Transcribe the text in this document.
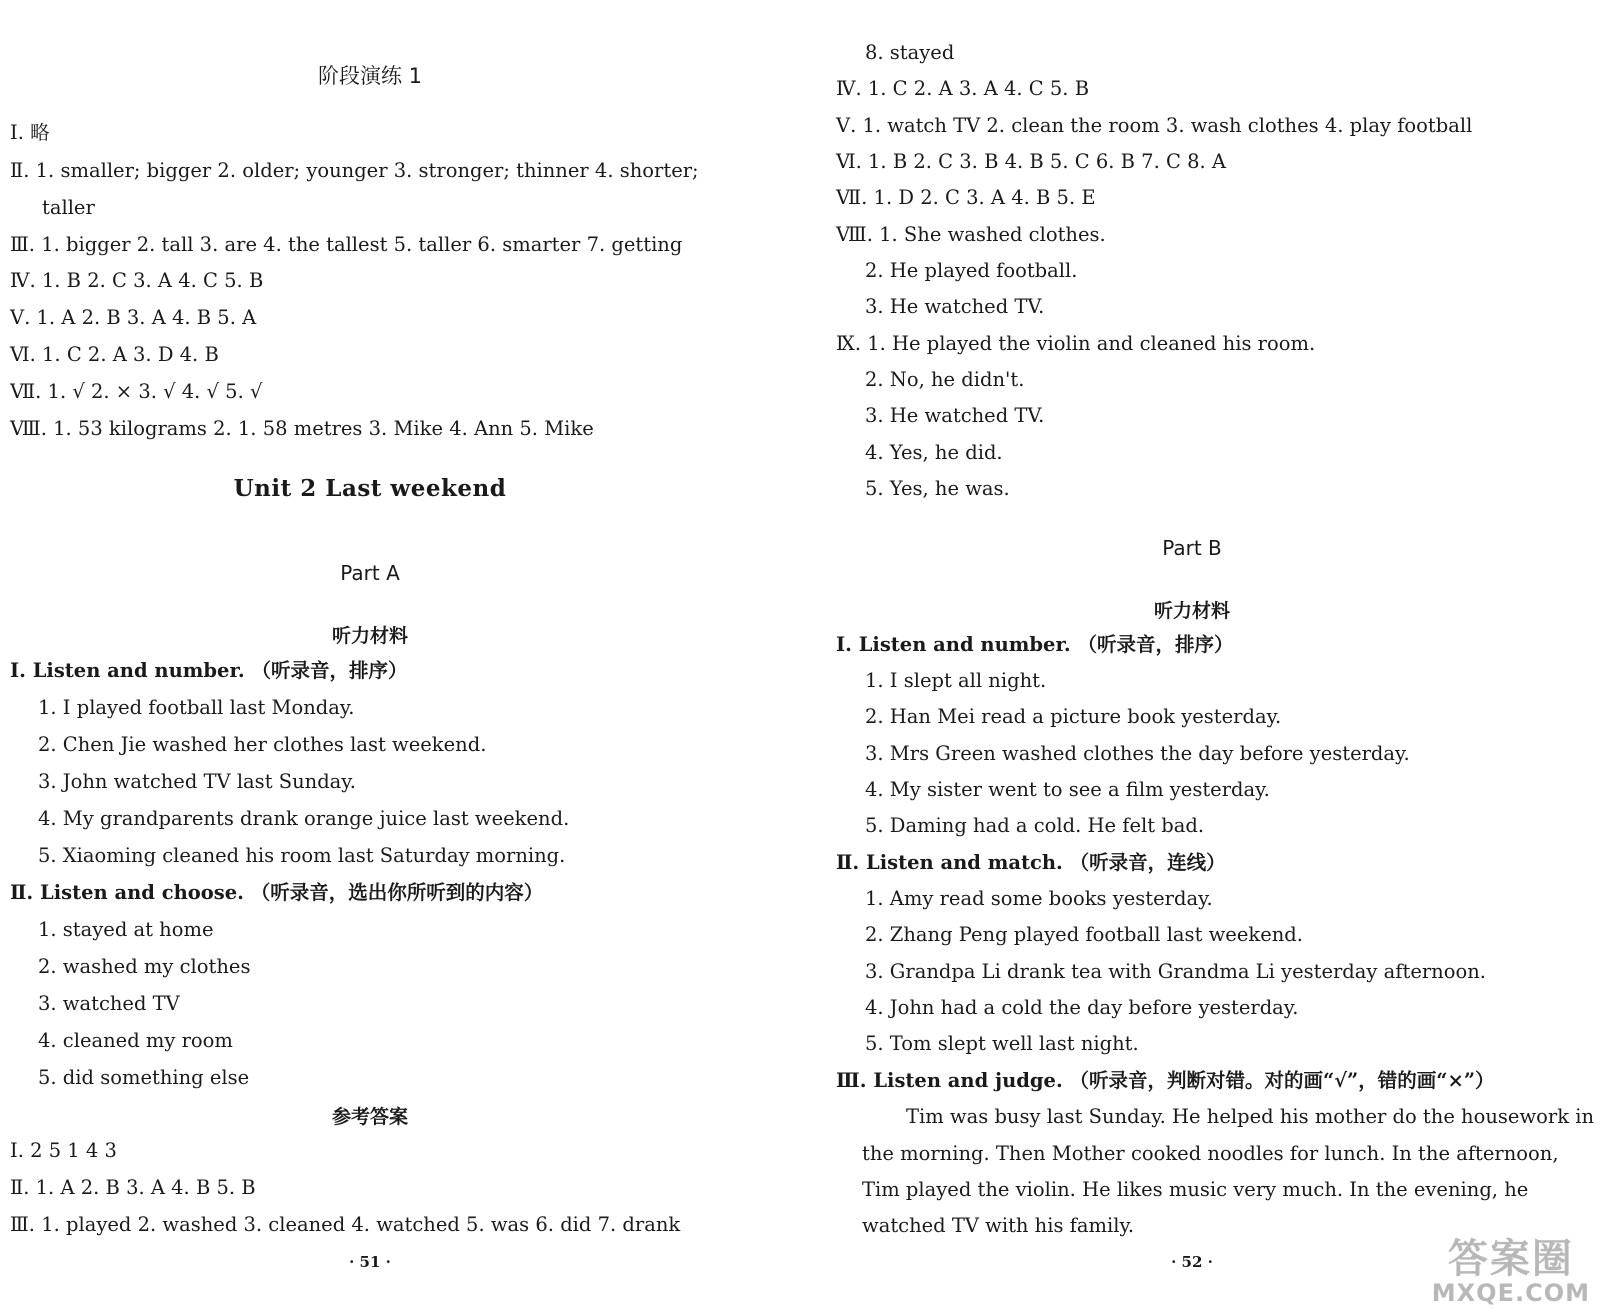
阶段演练 1
Ⅰ. 略
Ⅱ. 1. smaller; bigger 2. older; younger 3. stronger; thinner 4. shorter;
taller
Ⅲ. 1. bigger 2. tall 3. are 4. the tallest 5. taller 6. smarter 7. getting
Ⅳ. 1. B 2. C 3. A 4. C 5. B
Ⅴ. 1. A 2. B 3. A 4. B 5. A
Ⅵ. 1. C 2. A 3. D 4. B
Ⅶ. 1. √ 2. × 3. √ 4. √ 5. √
Ⅷ. 1. 53 kilograms 2. 1. 58 metres 3. Mike 4. Ann 5. Mike
Unit 2 Last weekend
Part A
听力材料
Ⅰ. Listen and number. （听录音，排序）
1. I played football last Monday.
2. Chen Jie washed her clothes last weekend.
3. John watched TV last Sunday.
4. My grandparents drank orange juice last weekend.
5. Xiaoming cleaned his room last Saturday morning.
Ⅱ. Listen and choose. （听录音，选出你所听到的内容）
1. stayed at home
2. washed my clothes
3. watched TV
4. cleaned my room
5. did something else
参考答案
Ⅰ. 2 5 1 4 3
Ⅱ. 1. A 2. B 3. A 4. B 5. B
Ⅲ. 1. played 2. washed 3. cleaned 4. watched 5. was 6. did 7. drank
· 51 ·
8. stayed
Ⅳ. 1. C 2. A 3. A 4. C 5. B
Ⅴ. 1. watch TV 2. clean the room 3. wash clothes 4. play football
Ⅵ. 1. B 2. C 3. B 4. B 5. C 6. B 7. C 8. A
Ⅶ. 1. D 2. C 3. A 4. B 5. E
Ⅷ. 1. She washed clothes.
2. He played football.
3. He watched TV.
Ⅸ. 1. He played the violin and cleaned his room.
2. No, he didn't.
3. He watched TV.
4. Yes, he did.
5. Yes, he was.
Part B
听力材料
Ⅰ. Listen and number. （听录音，排序）
1. I slept all night.
2. Han Mei read a picture book yesterday.
3. Mrs Green washed clothes the day before yesterday.
4. My sister went to see a film yesterday.
5. Daming had a cold. He felt bad.
Ⅱ. Listen and match. （听录音，连线）
1. Amy read some books yesterday.
2. Zhang Peng played football last weekend.
3. Grandpa Li drank tea with Grandma Li yesterday afternoon.
4. John had a cold the day before yesterday.
5. Tom slept well last night.
Ⅲ. Listen and judge. （听录音，判断对错。对的画“√”，错的画“×”）
Tim was busy last Sunday. He helped his mother do the housework in
the morning. Then Mother cooked noodles for lunch. In the afternoon,
Tim played the violin. He likes music very much. In the evening, he
watched TV with his family.
· 52 ·	答案圈
MXQE.COM
